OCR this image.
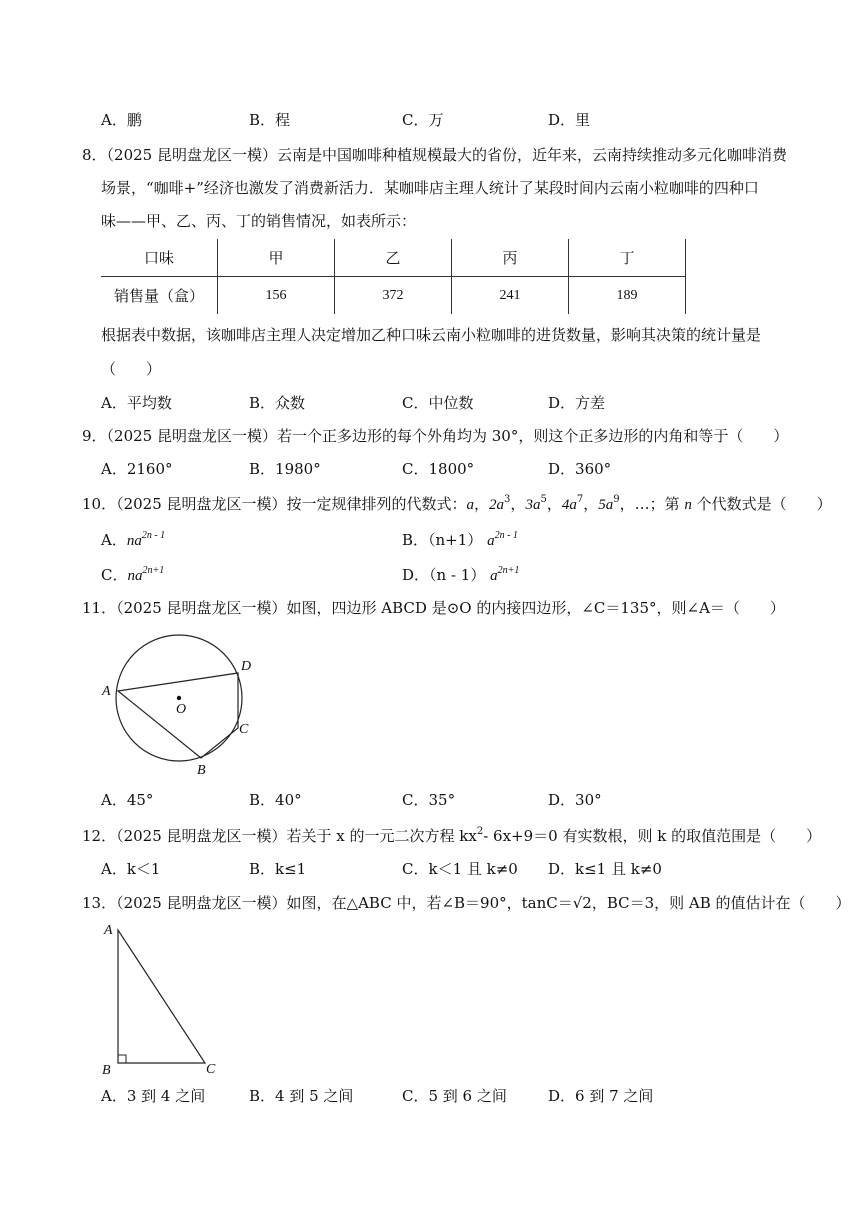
A．鹏	B．程	C．万	D．里
8．（2025 昆明盘龙区一模）云南是中国咖啡种植规模最大的省份，近年来，云南持续推动多元化咖啡消费
场景，“咖啡+”经济也激发了消费新活力．某咖啡店主理人统计了某段时间内云南小粒咖啡的四种口
味——甲、乙、丙、丁的销售情况，如表所示：
口味	甲	乙	丙	丁
销售量（盒）	156	372	241	189
根据表中数据，该咖啡店主理人决定增加乙种口味云南小粒咖啡的进货数量，影响其决策的统计量是
（　　）
A．平均数	B．众数	C．中位数	D．方差
9．（2025 昆明盘龙区一模）若一个正多边形的每个外角均为 30°，则这个正多边形的内角和等于（　　）
A．2160°	B．1980°	C．1800°	D．360°
10．（2025 昆明盘龙区一模）按一定规律排列的代数式：a，$2a^3$，$3a^5$，$4a^7$，$5a^9$，…；第 n 个代数式是（　　）
A．$na^{2n - 1}$	B．（n+1） $a^{2n - 1}$
C．$na^{2n+1}$	D．（n - 1） $a^{2n+1}$
11．（2025 昆明盘龙区一模）如图，四边形 ABCD 是⊙O 的内接四边形，∠C＝135°，则∠A＝（　　）
A
D
C
B
O
A．45°	B．40°	C．35°	D．30°
12．（2025 昆明盘龙区一模）若关于 x 的一元二次方程 $kx^2-$ 6x+9＝0 有实数根，则 k 的取值范围是（　　）
A．k＜1	B．k≤1	C．k＜1 且 k≠0 D．k≤1 且 k≠0
13．（2025 昆明盘龙区一模）如图，在△ABC 中，若∠B＝90°，tanC＝√2，BC＝3，则 AB 的值估计在（　　）
A
B	C
A．3 到 4 之间	B．4 到 5 之间	C．5 到 6 之间	D．6 到 7 之间
